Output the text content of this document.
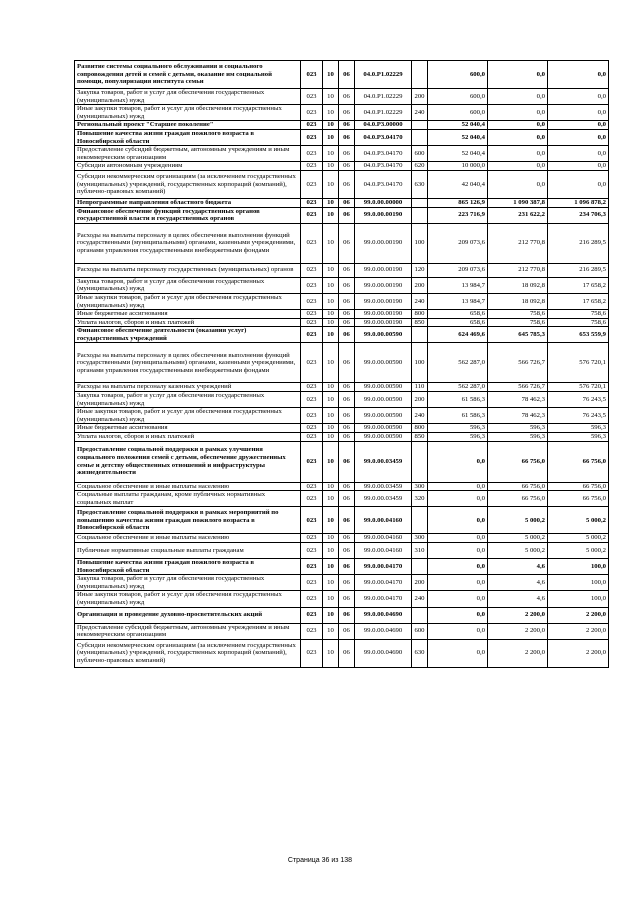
Развитие системы социального обслуживания и социального сопровождения детей и семей с детьми, оказание им социальной помощи, популяризация института семьи	023	10	06	04.0.Р1.02229		600,0	0,0	0,0
Закупка товаров, работ и услуг для обеспечения государственных (муниципальных) нужд	023	10	06	04.0.Р1.02229	200	600,0	0,0	0,0
Иные закупки товаров, работ и услуг для обеспечения государственных (муниципальных) нужд	023	10	06	04.0.Р1.02229	240	600,0	0,0	0,0
Региональный проект "Старшее поколение"	023	10	06	04.0.Р3.00000		52 040,4	0,0	0,0
Повышение качества жизни граждан пожилого возраста в Новосибирской области	023	10	06	04.0.Р3.04170		52 040,4	0,0	0,0
Предоставление субсидий бюджетным, автономным учреждениям и иным некоммерческим организациям	023	10	06	04.0.Р3.04170	600	52 040,4	0,0	0,0
Субсидии автономным учреждениям	023	10	06	04.0.Р3.04170	620	10 000,0	0,0	0,0
Субсидии некоммерческим организациям (за исключением государственных (муниципальных) учреждений, государственных корпораций (компаний), публично-правовых компаний)	023	10	06	04.0.Р3.04170	630	42 040,4	0,0	0,0
Непрограммные направления областного бюджета	023	10	06	99.0.00.00000		865 126,9	1 090 387,8	1 096 878,2
Финансовое обеспечение функций государственных органов государственной власти и государственных органов	023	10	06	99.0.00.00190		223 716,9	231 622,2	234 706,3
Расходы на выплаты персоналу в целях обеспечения выполнения функций государственными (муниципальными) органами, казенными учреждениями, органами управления государственными внебюджетными фондами	023	10	06	99.0.00.00190	100	209 073,6	212 770,8	216 289,5
Расходы на выплаты персоналу государственных (муниципальных) органов	023	10	06	99.0.00.00190	120	209 073,6	212 770,8	216 289,5
Закупка товаров, работ и услуг для обеспечения государственных (муниципальных) нужд	023	10	06	99.0.00.00190	200	13 984,7	18 092,8	17 658,2
Иные закупки товаров, работ и услуг для обеспечения государственных (муниципальных) нужд	023	10	06	99.0.00.00190	240	13 984,7	18 092,8	17 658,2
Иные бюджетные ассигнования	023	10	06	99.0.00.00190	800	658,6	758,6	758,6
Уплата налогов, сборов и иных платежей	023	10	06	99.0.00.00190	850	658,6	758,6	758,6
Финансовое обеспечение деятельности (оказания услуг) государственных учреждений	023	10	06	99.0.00.00590		624 469,6	645 785,3	653 559,9
Расходы на выплаты персоналу в целях обеспечения выполнения функций государственными (муниципальными) органами, казенными учреждениями, органами управления государственными внебюджетными фондами	023	10	06	99.0.00.00590	100	562 287,0	566 726,7	576 720,1
Расходы на выплаты персоналу казенных учреждений	023	10	06	99.0.00.00590	110	562 287,0	566 726,7	576 720,1
Закупка товаров, работ и услуг для обеспечения государственных (муниципальных) нужд	023	10	06	99.0.00.00590	200	61 586,3	78 462,3	76 243,5
Иные закупки товаров, работ и услуг для обеспечения государственных (муниципальных) нужд	023	10	06	99.0.00.00590	240	61 586,3	78 462,3	76 243,5
Иные бюджетные ассигнования	023	10	06	99.0.00.00590	800	596,3	596,3	596,3
Уплата налогов, сборов и иных платежей	023	10	06	99.0.00.00590	850	596,3	596,3	596,3
Предоставление социальной поддержки в рамках улучшения социального положения семей с детьми, обеспечение дружественных семье и детству общественных отношений и инфраструктуры жизнедеятельности	023	10	06	99.0.00.03459		0,0	66 756,0	66 756,0
Социальное обеспечение и иные выплаты населению	023	10	06	99.0.00.03459	300	0,0	66 756,0	66 756,0
Социальные выплаты гражданам, кроме публичных нормативных социальных выплат	023	10	06	99.0.00.03459	320	0,0	66 756,0	66 756,0
Предоставление социальной поддержки в рамках мероприятий по повышению качества жизни граждан пожилого возраста в Новосибирской области	023	10	06	99.0.00.04160		0,0	5 000,2	5 000,2
Социальное обеспечение и иные выплаты населению	023	10	06	99.0.00.04160	300	0,0	5 000,2	5 000,2
Публичные нормативные социальные выплаты гражданам	023	10	06	99.0.00.04160	310	0,0	5 000,2	5 000,2
Повышение качества жизни граждан пожилого возраста в Новосибирской области	023	10	06	99.0.00.04170		0,0	4,6	100,0
Закупка товаров, работ и услуг для обеспечения государственных (муниципальных) нужд	023	10	06	99.0.00.04170	200	0,0	4,6	100,0
Иные закупки товаров, работ и услуг для обеспечения государственных (муниципальных) нужд	023	10	06	99.0.00.04170	240	0,0	4,6	100,0
Организация и проведение духовно-просветительских акций	023	10	06	99.0.00.04690		0,0	2 200,0	2 200,0
Предоставление субсидий бюджетным, автономным учреждениям и иным некоммерческим организациям	023	10	06	99.0.00.04690	600	0,0	2 200,0	2 200,0
Субсидии некоммерческим организациям (за исключением государственных (муниципальных) учреждений, государственных корпораций (компаний), публично-правовых компаний)	023	10	06	99.0.00.04690	630	0,0	2 200,0	2 200,0
Страница 36 из 138
